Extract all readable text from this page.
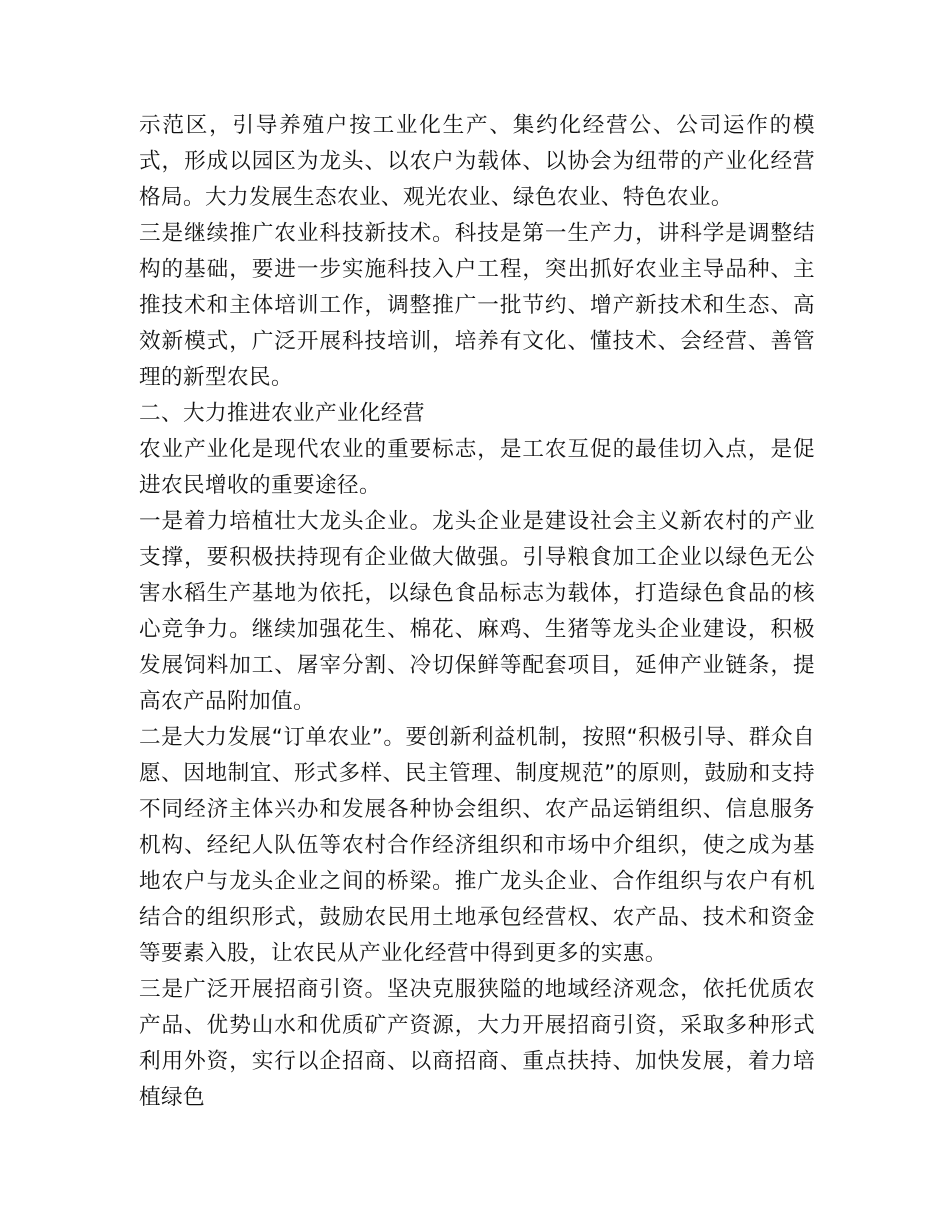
示范区，引导养殖户按工业化生产、集约化经营公、公司运作的模式，形成以园区为龙头、以农户为载体、以协会为纽带的产业化经营格局。大力发展生态农业、观光农业、绿色农业、特色农业。

三是继续推广农业科技新技术。科技是第一生产力，讲科学是调整结构的基础，要进一步实施科技入户工程，突出抓好农业主导品种、主推技术和主体培训工作，调整推广一批节约、增产新技术和生态、高效新模式，广泛开展科技培训，培养有文化、懂技术、会经营、善管理的新型农民。

二、大力推进农业产业化经营

农业产业化是现代农业的重要标志，是工农互促的最佳切入点，是促进农民增收的重要途径。

一是着力培植壮大龙头企业。龙头企业是建设社会主义新农村的产业支撑，要积极扶持现有企业做大做强。引导粮食加工企业以绿色无公害水稻生产基地为依托，以绿色食品标志为载体，打造绿色食品的核心竞争力。继续加强花生、棉花、麻鸡、生猪等龙头企业建设，积极发展饲料加工、屠宰分割、冷切保鲜等配套项目，延伸产业链条，提高农产品附加值。

二是大力发展“订单农业”。要创新利益机制，按照“积极引导、群众自愿、因地制宜、形式多样、民主管理、制度规范”的原则，鼓励和支持不同经济主体兴办和发展各种协会组织、农产品运销组织、信息服务机构、经纪人队伍等农村合作经济组织和市场中介组织，使之成为基地农户与龙头企业之间的桥梁。推广龙头企业、合作组织与农户有机结合的组织形式，鼓励农民用土地承包经营权、农产品、技术和资金等要素入股，让农民从产业化经营中得到更多的实惠。

三是广泛开展招商引资。坚决克服狭隘的地域经济观念，依托优质农产品、优势山水和优质矿产资源，大力开展招商引资，采取多种形式利用外资，实行以企招商、以商招商、重点扶持、加快发展，着力培植绿色
